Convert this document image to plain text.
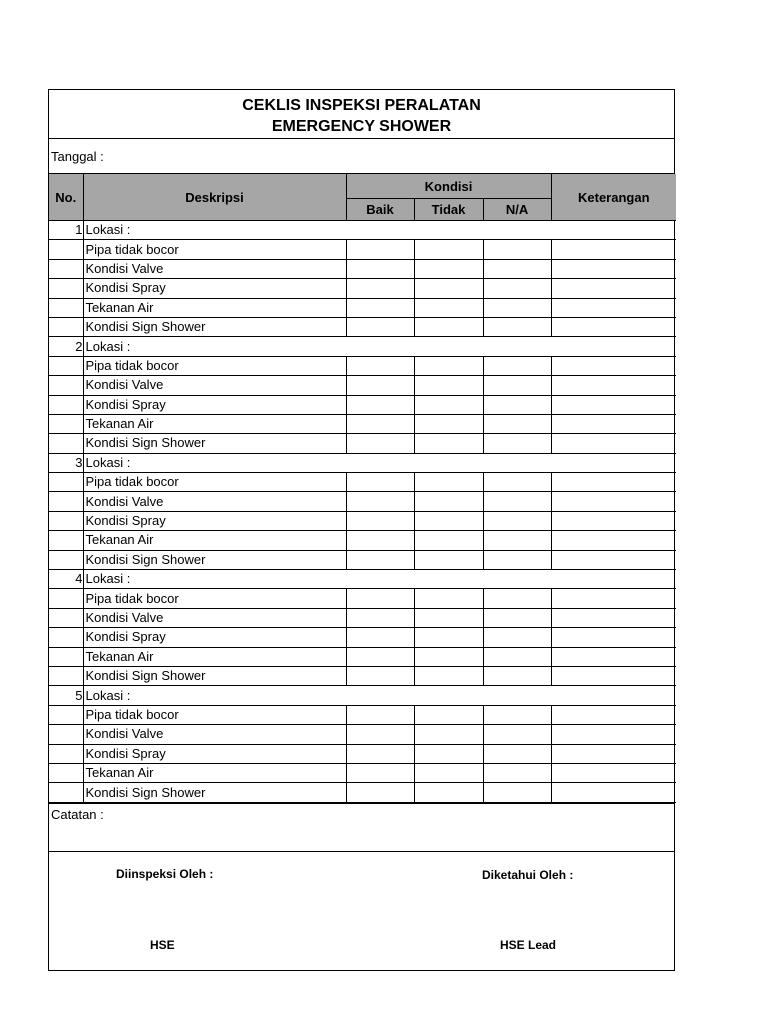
CEKLIS INSPEKSI PERALATAN
EMERGENCY SHOWER
Tanggal :
No.	Deskripsi	Kondisi			Keterangan
		Baik	Tidak	N/A	
1	Lokasi :				
	Pipa tidak bocor				
	Kondisi Valve				
	Kondisi Spray				
	Tekanan Air				
	Kondisi Sign Shower				
2	Lokasi :				
	Pipa tidak bocor				
	Kondisi Valve				
	Kondisi Spray				
	Tekanan Air				
	Kondisi Sign Shower				
3	Lokasi :				
	Pipa tidak bocor				
	Kondisi Valve				
	Kondisi Spray				
	Tekanan Air				
	Kondisi Sign Shower				
4	Lokasi :				
	Pipa tidak bocor				
	Kondisi Valve				
	Kondisi Spray				
	Tekanan Air				
	Kondisi Sign Shower				
5	Lokasi :				
	Pipa tidak bocor				
	Kondisi Valve				
	Kondisi Spray				
	Tekanan Air				
	Kondisi Sign Shower				
Catatan :
Diinspeksi Oleh :	Diketahui Oleh :
HSE	HSE Lead
